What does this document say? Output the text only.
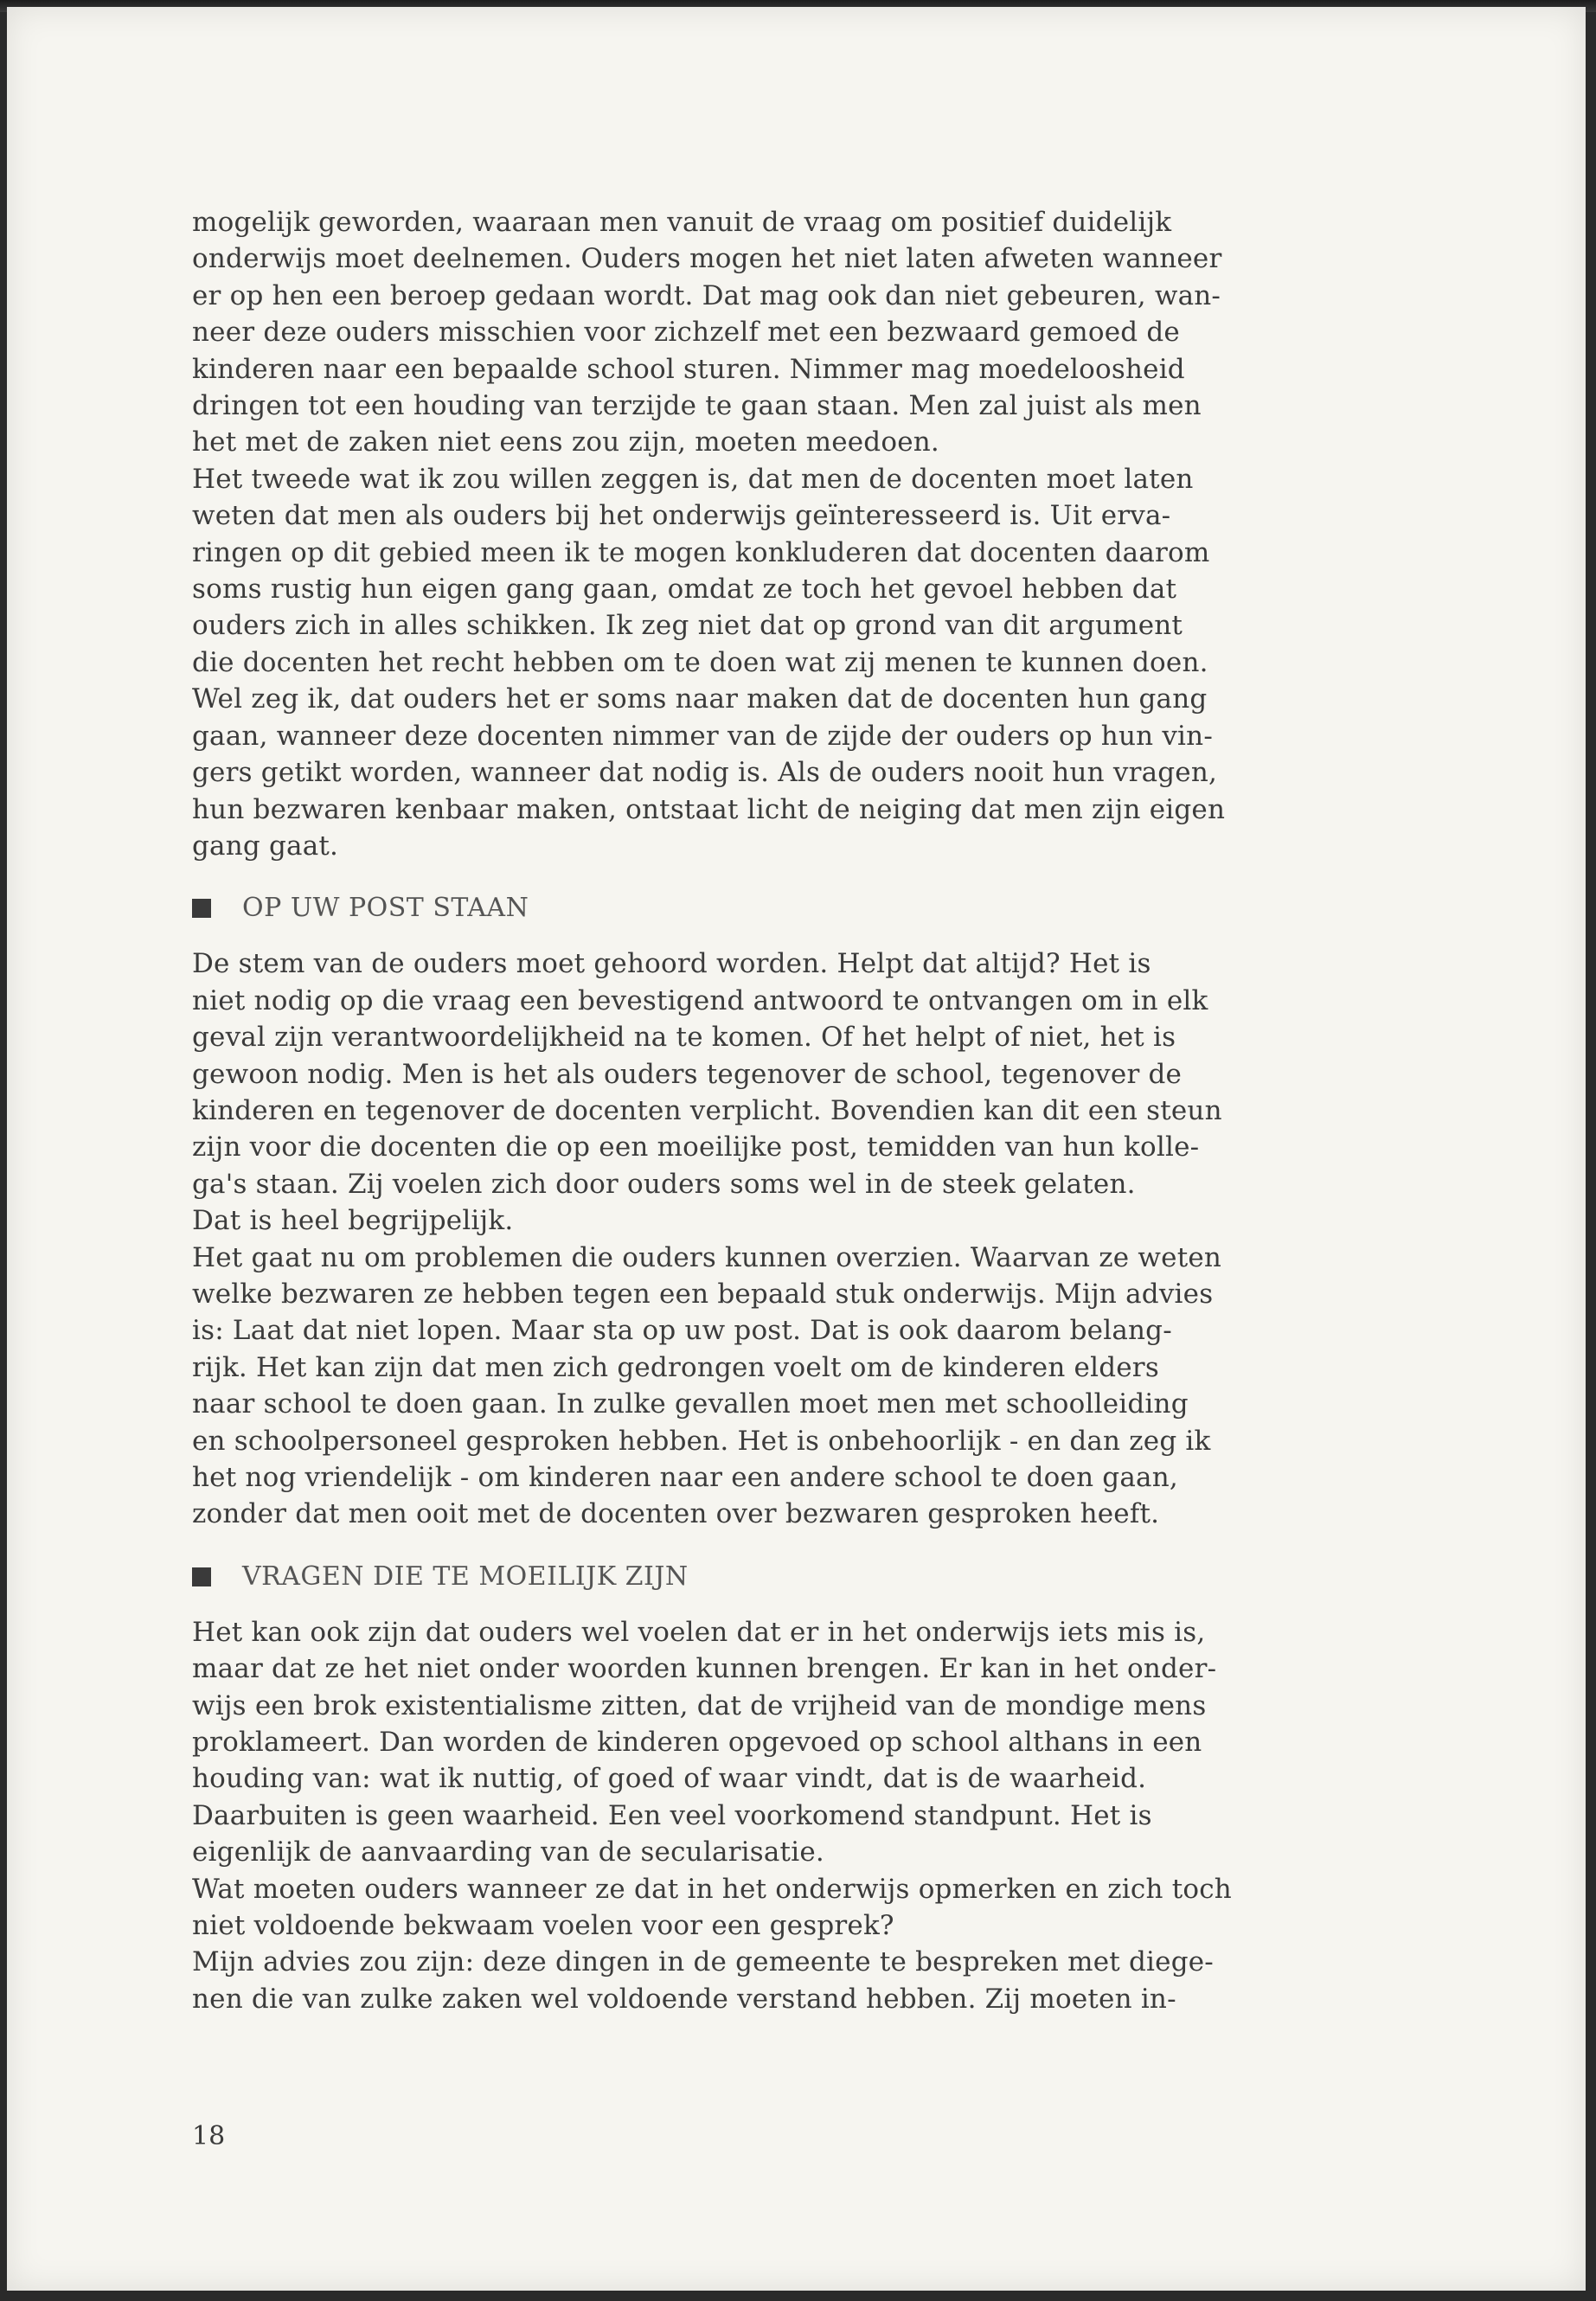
mogelijk geworden, waaraan men vanuit de vraag om positief duidelijk
onderwijs moet deelnemen. Ouders mogen het niet laten afweten wanneer
er op hen een beroep gedaan wordt. Dat mag ook dan niet gebeuren, wan-
neer deze ouders misschien voor zichzelf met een bezwaard gemoed de
kinderen naar een bepaalde school sturen. Nimmer mag moedeloosheid
dringen tot een houding van terzijde te gaan staan. Men zal juist als men
het met de zaken niet eens zou zijn, moeten meedoen.
Het tweede wat ik zou willen zeggen is, dat men de docenten moet laten
weten dat men als ouders bij het onderwijs geïnteresseerd is. Uit erva-
ringen op dit gebied meen ik te mogen konkluderen dat docenten daarom
soms rustig hun eigen gang gaan, omdat ze toch het gevoel hebben dat
ouders zich in alles schikken. Ik zeg niet dat op grond van dit argument
die docenten het recht hebben om te doen wat zij menen te kunnen doen.
Wel zeg ik, dat ouders het er soms naar maken dat de docenten hun gang
gaan, wanneer deze docenten nimmer van de zijde der ouders op hun vin-
gers getikt worden, wanneer dat nodig is. Als de ouders nooit hun vragen,
hun bezwaren kenbaar maken, ontstaat licht de neiging dat men zijn eigen
gang gaat.
OP UW POST STAAN
De stem van de ouders moet gehoord worden. Helpt dat altijd? Het is
niet nodig op die vraag een bevestigend antwoord te ontvangen om in elk
geval zijn verantwoordelijkheid na te komen. Of het helpt of niet, het is
gewoon nodig. Men is het als ouders tegenover de school, tegenover de
kinderen en tegenover de docenten verplicht. Bovendien kan dit een steun
zijn voor die docenten die op een moeilijke post, temidden van hun kolle-
ga's staan. Zij voelen zich door ouders soms wel in de steek gelaten.
Dat is heel begrijpelijk.
Het gaat nu om problemen die ouders kunnen overzien. Waarvan ze weten
welke bezwaren ze hebben tegen een bepaald stuk onderwijs. Mijn advies
is: Laat dat niet lopen. Maar sta op uw post. Dat is ook daarom belang-
rijk. Het kan zijn dat men zich gedrongen voelt om de kinderen elders
naar school te doen gaan. In zulke gevallen moet men met schoolleiding
en schoolpersoneel gesproken hebben. Het is onbehoorlijk - en dan zeg ik
het nog vriendelijk - om kinderen naar een andere school te doen gaan,
zonder dat men ooit met de docenten over bezwaren gesproken heeft.
VRAGEN DIE TE MOEILIJK ZIJN
Het kan ook zijn dat ouders wel voelen dat er in het onderwijs iets mis is,
maar dat ze het niet onder woorden kunnen brengen. Er kan in het onder-
wijs een brok existentialisme zitten, dat de vrijheid van de mondige mens
proklameert. Dan worden de kinderen opgevoed op school althans in een
houding van: wat ik nuttig, of goed of waar vindt, dat is de waarheid.
Daarbuiten is geen waarheid. Een veel voorkomend standpunt. Het is
eigenlijk de aanvaarding van de secularisatie.
Wat moeten ouders wanneer ze dat in het onderwijs opmerken en zich toch
niet voldoende bekwaam voelen voor een gesprek?
Mijn advies zou zijn: deze dingen in de gemeente te bespreken met diege-
nen die van zulke zaken wel voldoende verstand hebben. Zij moeten in-
18
